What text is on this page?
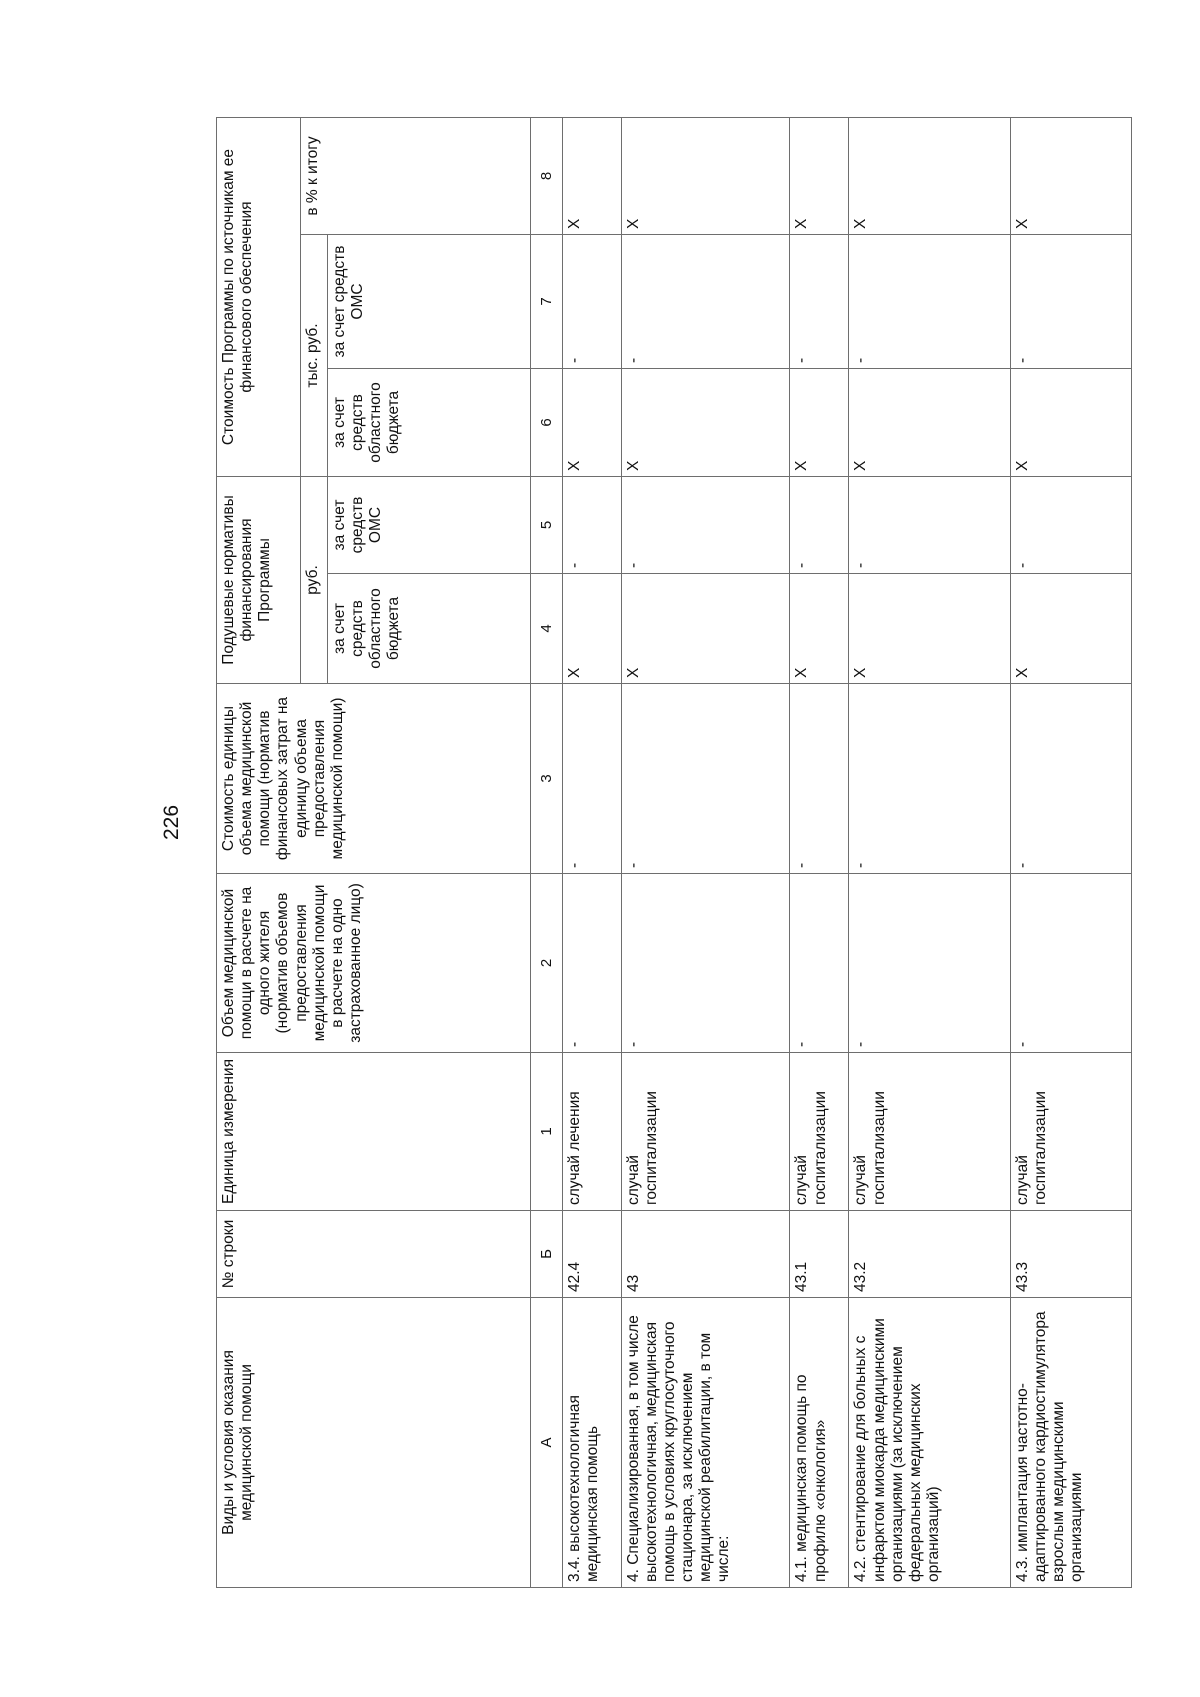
226
Виды и условия оказания медицинской помощи	№ строки	Единица измерения	Объем медицинской помощи в расчете на одного жителя (норматив объемов предоставления медицинской помощи в расчете на одно застрахованное лицо)	Стоимость единицы объема медицинской помощи (норматив финансовых затрат на единицу объема предоставления медицинской помощи)	Подушевые нормативы финансирования Программы		Стоимость Программы по источникам ее финансового обеспечения		
					руб.		тыс. руб.		в % к итогу
					за счет средств областного бюджета	за счет средств ОМС	за счет средств областного бюджета	за счет средств ОМС	
А	Б	1	2	3	4	5	6	7	8
3.4. высокотехнологичная медицинская помощь	42.4	случай лечения	-	-	Х	-	Х	-	Х
4. Специализированная, в том числе высокотехнологичная, медицинская помощь в условиях круглосуточного стационара, за исключением медицинской реабилитации, в том числе:	43	случай госпитализации	-	-	Х	-	Х	-	Х
4.1. медицинская помощь по профилю «онкология»	43.1	случай госпитализации	-	-	Х	-	Х	-	Х
4.2. стентирование для больных с инфарктом миокарда медицинскими организациями (за исключением федеральных медицинских организаций)	43.2	случай госпитализации	-	-	Х	-	Х	-	Х
4.3. имплантация частотно-адаптированного кардиостимулятора взрослым медицинскими организациями	43.3	случай госпитализации	-	-	Х	-	Х	-	Х
